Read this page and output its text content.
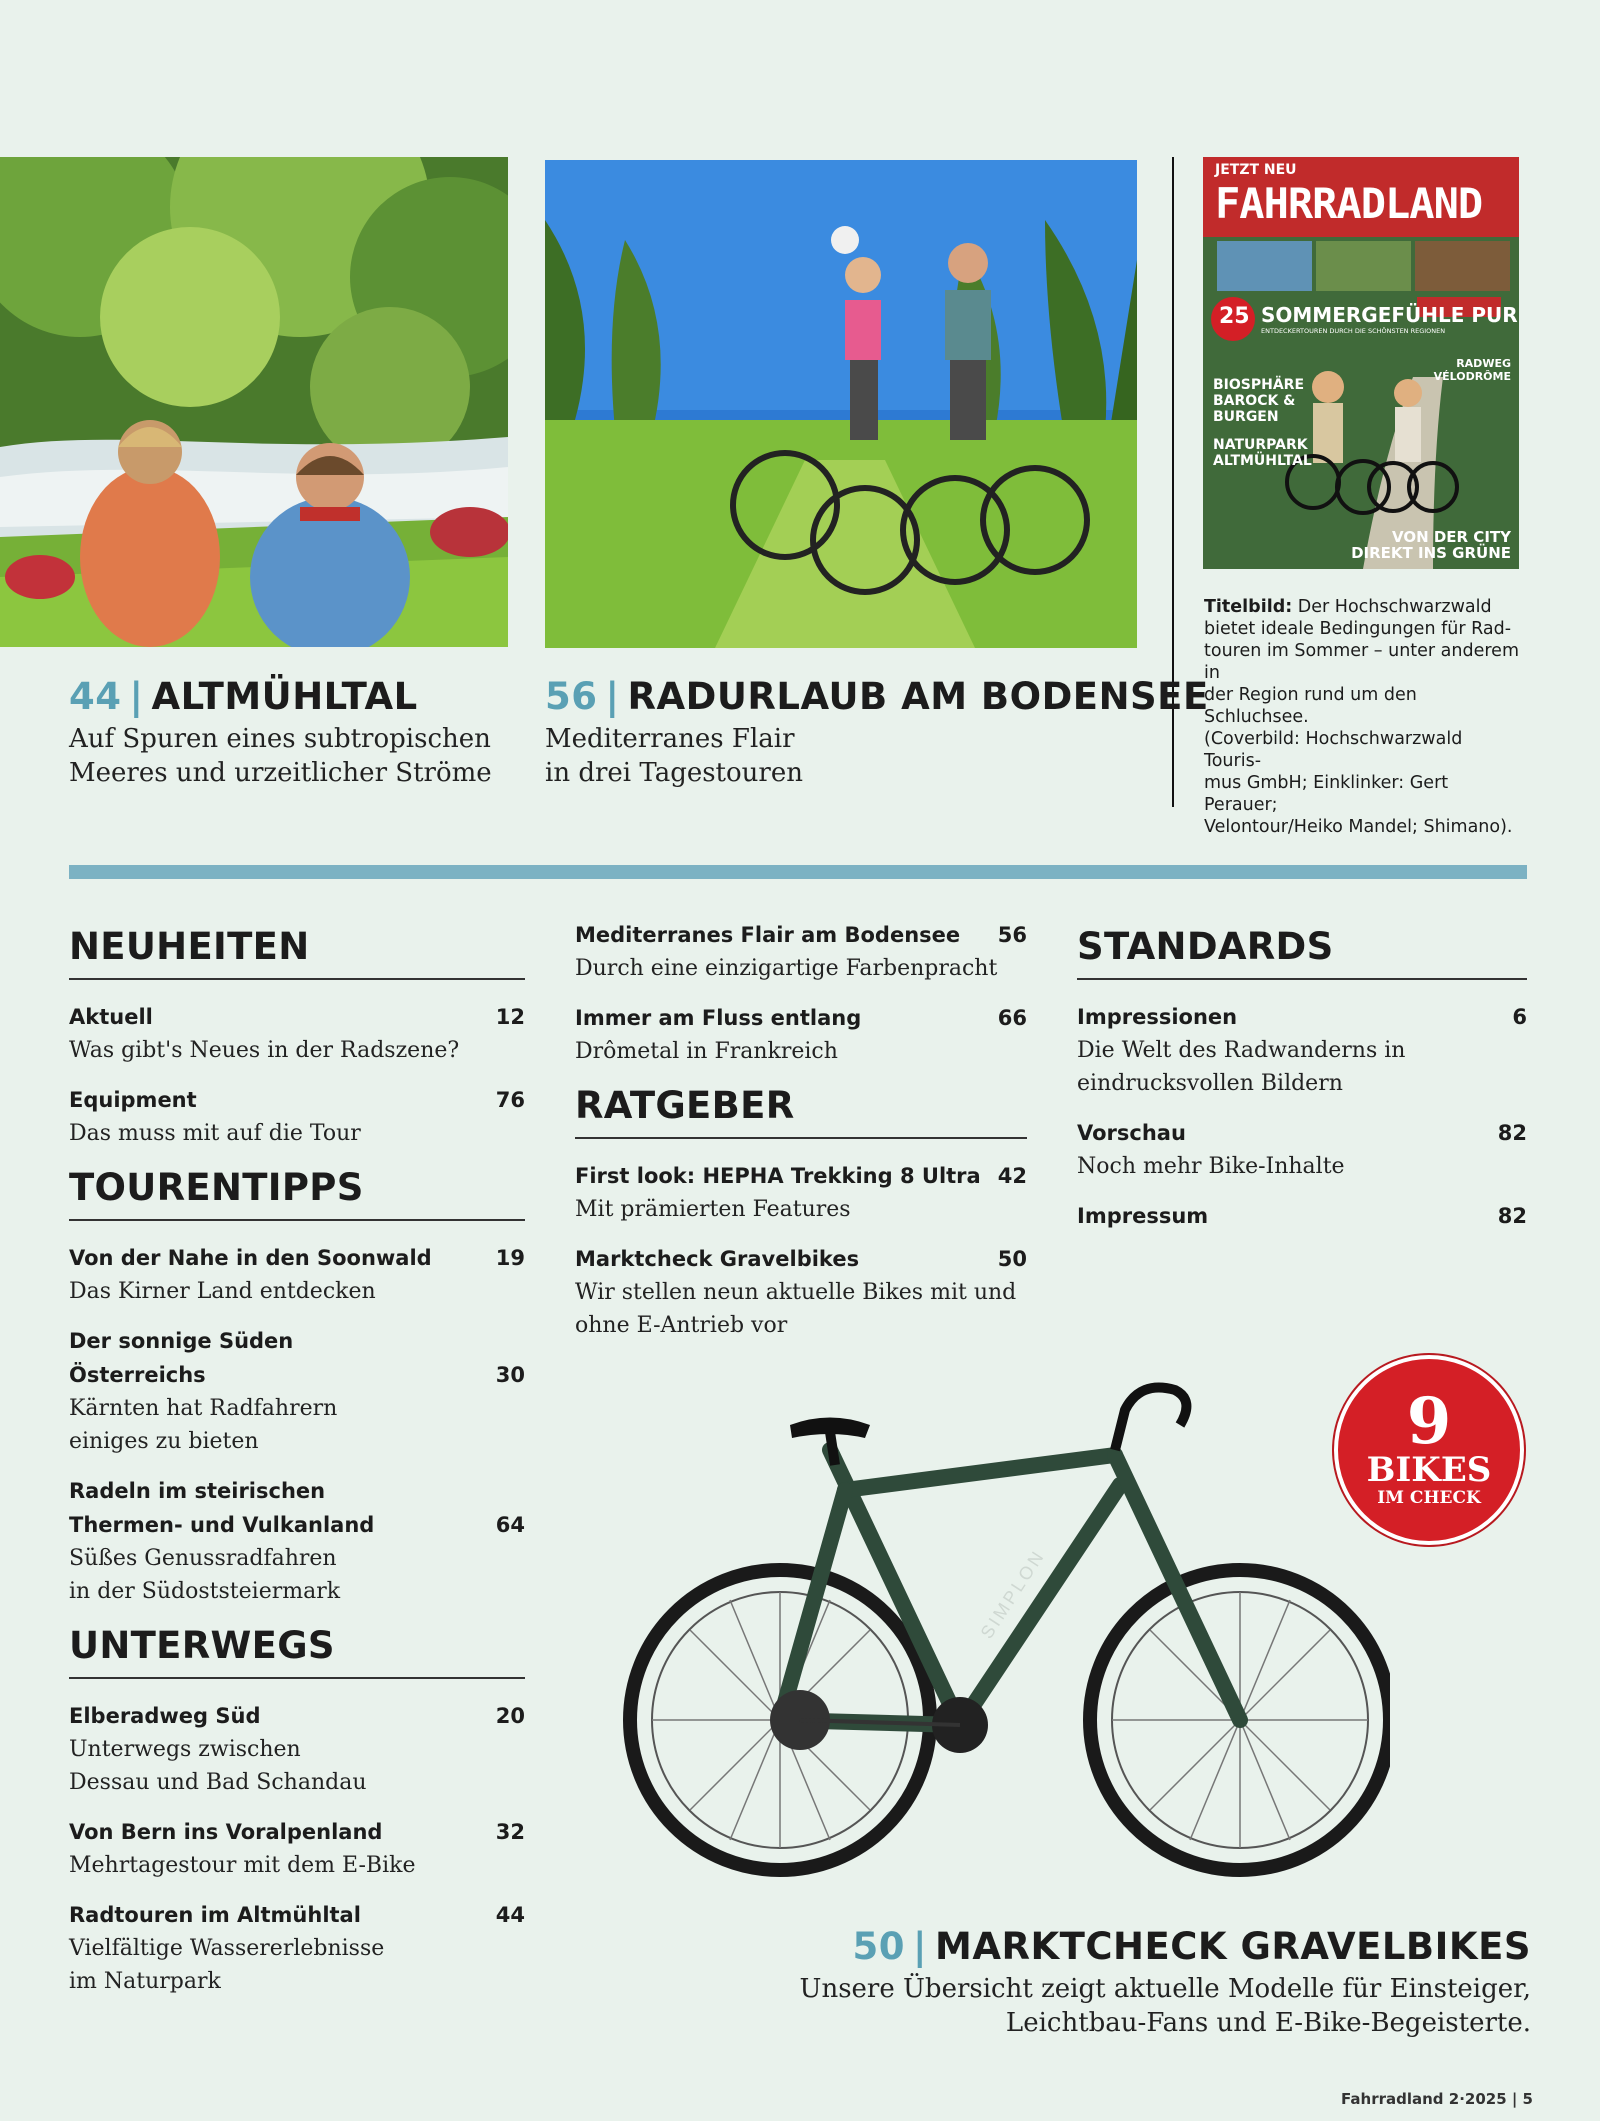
JETZT NEU
FAHRRADLAND
25 SOMMERGEFÜHLE PUR
ENTDECKERTOUREN DURCH DIE SCHÖNSTEN REGIONEN
BIOSPHÄRE
BAROCK &
BURGEN
NATURPARK
ALTMÜHLTAL
RADWEG
VÉLODRÔME
VON DER CITY
DIREKT INS GRÜNE
Titelbild: Der Hochschwarzwald
bietet ideale Bedingungen für Rad-
touren im Sommer – unter anderem in
der Region rund um den Schluchsee.
(Coverbild: Hochschwarzwald Touris-
mus GmbH; Einklinker: Gert Perauer;
Velontour/Heiko Mandel; Shimano).
44 | ALTMÜHLTAL
Auf Spuren eines subtropischen
Meeres und urzeitlicher Ströme
56 | RADURLAUB AM BODENSEE
Mediterranes Flair
in drei Tagestouren
NEUHEITEN
Aktuell	12
Was gibt's Neues in der Radszene?
Equipment	76
Das muss mit auf die Tour
TOURENTIPPS
Von der Nahe in den Soonwald	19
Das Kirner Land entdecken
Der sonnige Süden
Österreichs	30
Kärnten hat Radfahrern
einiges zu bieten
Radeln im steirischen
Thermen- und Vulkanland	64
Süßes Genussradfahren
in der Südoststeiermark
UNTERWEGS
Elberadweg Süd	20
Unterwegs zwischen
Dessau und Bad Schandau
Von Bern ins Voralpenland	32
Mehrtagestour mit dem E-Bike
Radtouren im Altmühltal	44
Vielfältige Wassererlebnisse
im Naturpark
Mediterranes Flair am Bodensee 56
Durch eine einzigartige Farbenpracht
Immer am Fluss entlang	66
Drômetal in Frankreich
RATGEBER
First look: HEPHA Trekking 8 Ultra 42
Mit prämierten Features
Marktcheck Gravelbikes	50
Wir stellen neun aktuelle Bikes mit und
ohne E-Antrieb vor
STANDARDS
Impressionen	6
Die Welt des Radwanderns in
eindrucksvollen Bildern
Vorschau	82
Noch mehr Bike-Inhalte
Impressum	82
9
BIKES
IM CHECK
SIMPLON
50 | MARKTCHECK GRAVELBIKES
Unsere Übersicht zeigt aktuelle Modelle für Einsteiger,
Leichtbau-Fans und E-Bike-Begeisterte.
Fahrradland 2·2025 | 5
